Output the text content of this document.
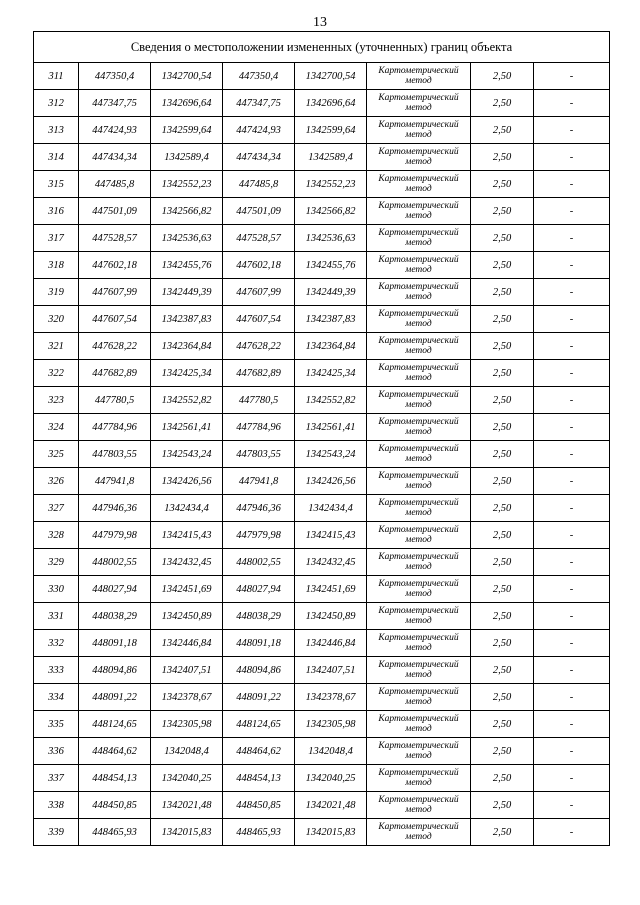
13
Сведения о местоположении измененных (уточненных) границ объекта							
311	447350,4	1342700,54	447350,4	1342700,54	Картометрический
метод	2,50	-
312	447347,75	1342696,64	447347,75	1342696,64	Картометрический
метод	2,50	-
313	447424,93	1342599,64	447424,93	1342599,64	Картометрический
метод	2,50	-
314	447434,34	1342589,4	447434,34	1342589,4	Картометрический
метод	2,50	-
315	447485,8	1342552,23	447485,8	1342552,23	Картометрический
метод	2,50	-
316	447501,09	1342566,82	447501,09	1342566,82	Картометрический
метод	2,50	-
317	447528,57	1342536,63	447528,57	1342536,63	Картометрический
метод	2,50	-
318	447602,18	1342455,76	447602,18	1342455,76	Картометрический
метод	2,50	-
319	447607,99	1342449,39	447607,99	1342449,39	Картометрический
метод	2,50	-
320	447607,54	1342387,83	447607,54	1342387,83	Картометрический
метод	2,50	-
321	447628,22	1342364,84	447628,22	1342364,84	Картометрический
метод	2,50	-
322	447682,89	1342425,34	447682,89	1342425,34	Картометрический
метод	2,50	-
323	447780,5	1342552,82	447780,5	1342552,82	Картометрический
метод	2,50	-
324	447784,96	1342561,41	447784,96	1342561,41	Картометрический
метод	2,50	-
325	447803,55	1342543,24	447803,55	1342543,24	Картометрический
метод	2,50	-
326	447941,8	1342426,56	447941,8	1342426,56	Картометрический
метод	2,50	-
327	447946,36	1342434,4	447946,36	1342434,4	Картометрический
метод	2,50	-
328	447979,98	1342415,43	447979,98	1342415,43	Картометрический
метод	2,50	-
329	448002,55	1342432,45	448002,55	1342432,45	Картометрический
метод	2,50	-
330	448027,94	1342451,69	448027,94	1342451,69	Картометрический
метод	2,50	-
331	448038,29	1342450,89	448038,29	1342450,89	Картометрический
метод	2,50	-
332	448091,18	1342446,84	448091,18	1342446,84	Картометрический
метод	2,50	-
333	448094,86	1342407,51	448094,86	1342407,51	Картометрический
метод	2,50	-
334	448091,22	1342378,67	448091,22	1342378,67	Картометрический
метод	2,50	-
335	448124,65	1342305,98	448124,65	1342305,98	Картометрический
метод	2,50	-
336	448464,62	1342048,4	448464,62	1342048,4	Картометрический
метод	2,50	-
337	448454,13	1342040,25	448454,13	1342040,25	Картометрический
метод	2,50	-
338	448450,85	1342021,48	448450,85	1342021,48	Картометрический
метод	2,50	-
339	448465,93	1342015,83	448465,93	1342015,83	Картометрический
метод	2,50	-
